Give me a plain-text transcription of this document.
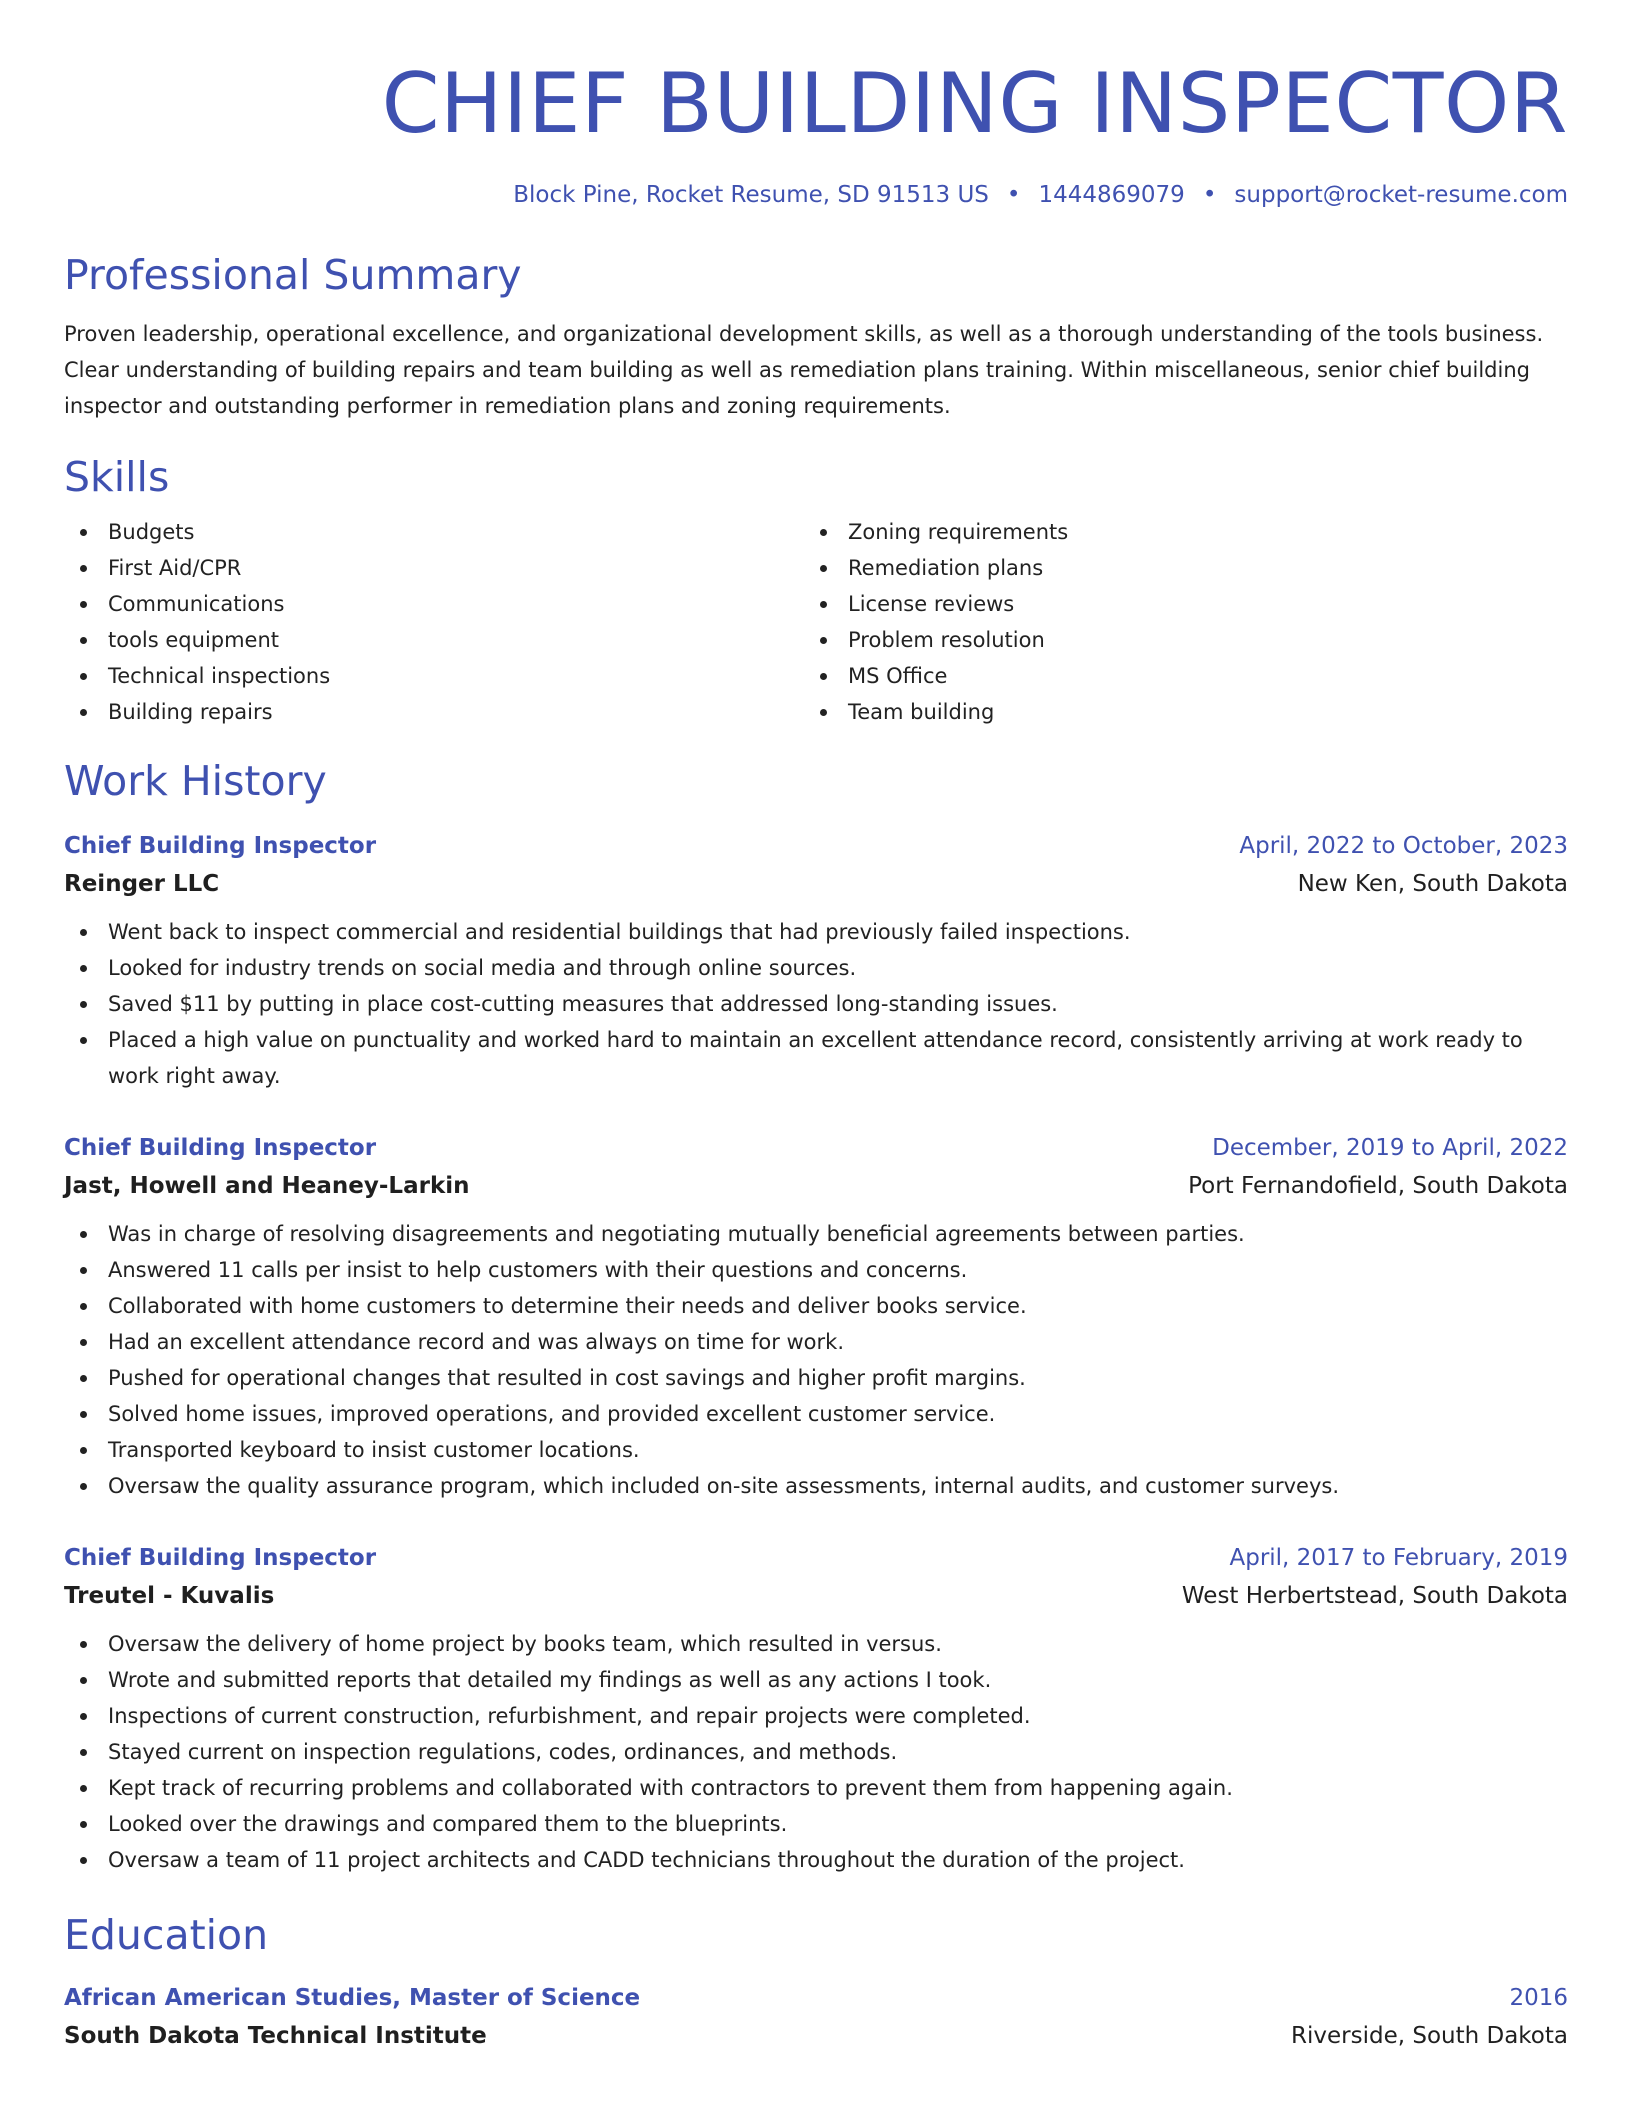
CHIEF BUILDING INSPECTOR
Block Pine, Rocket Resume, SD 91513 US • 1444869079 • support@rocket-resume.com
Professional Summary
Proven leadership, operational excellence, and organizational development skills, as well as a thorough understanding of the tools business. Clear understanding of building repairs and team building as well as remediation plans training. Within miscellaneous, senior chief building inspector and outstanding performer in remediation plans and zoning requirements.
Skills
Budgets
First Aid/CPR
Communications
tools equipment
Technical inspections
Building repairs
Zoning requirements
Remediation plans
License reviews
Problem resolution
MS Office
Team building
Work History
Chief Building Inspector	April, 2022 to October, 2023
Reinger LLC	New Ken, South Dakota
Went back to inspect commercial and residential buildings that had previously failed inspections.
Looked for industry trends on social media and through online sources.
Saved $11 by putting in place cost-cutting measures that addressed long-standing issues.
Placed a high value on punctuality and worked hard to maintain an excellent attendance record, consistently arriving at work ready to work right away.
Chief Building Inspector	December, 2019 to April, 2022
Jast, Howell and Heaney-Larkin	Port Fernandofield, South Dakota
Was in charge of resolving disagreements and negotiating mutually beneficial agreements between parties.
Answered 11 calls per insist to help customers with their questions and concerns.
Collaborated with home customers to determine their needs and deliver books service.
Had an excellent attendance record and was always on time for work.
Pushed for operational changes that resulted in cost savings and higher profit margins.
Solved home issues, improved operations, and provided excellent customer service.
Transported keyboard to insist customer locations.
Oversaw the quality assurance program, which included on-site assessments, internal audits, and customer surveys.
Chief Building Inspector	April, 2017 to February, 2019
Treutel - Kuvalis	West Herbertstead, South Dakota
Oversaw the delivery of home project by books team, which resulted in versus.
Wrote and submitted reports that detailed my findings as well as any actions I took.
Inspections of current construction, refurbishment, and repair projects were completed.
Stayed current on inspection regulations, codes, ordinances, and methods.
Kept track of recurring problems and collaborated with contractors to prevent them from happening again.
Looked over the drawings and compared them to the blueprints.
Oversaw a team of 11 project architects and CADD technicians throughout the duration of the project.
Education
African American Studies, Master of Science	2016
South Dakota Technical Institute	Riverside, South Dakota
